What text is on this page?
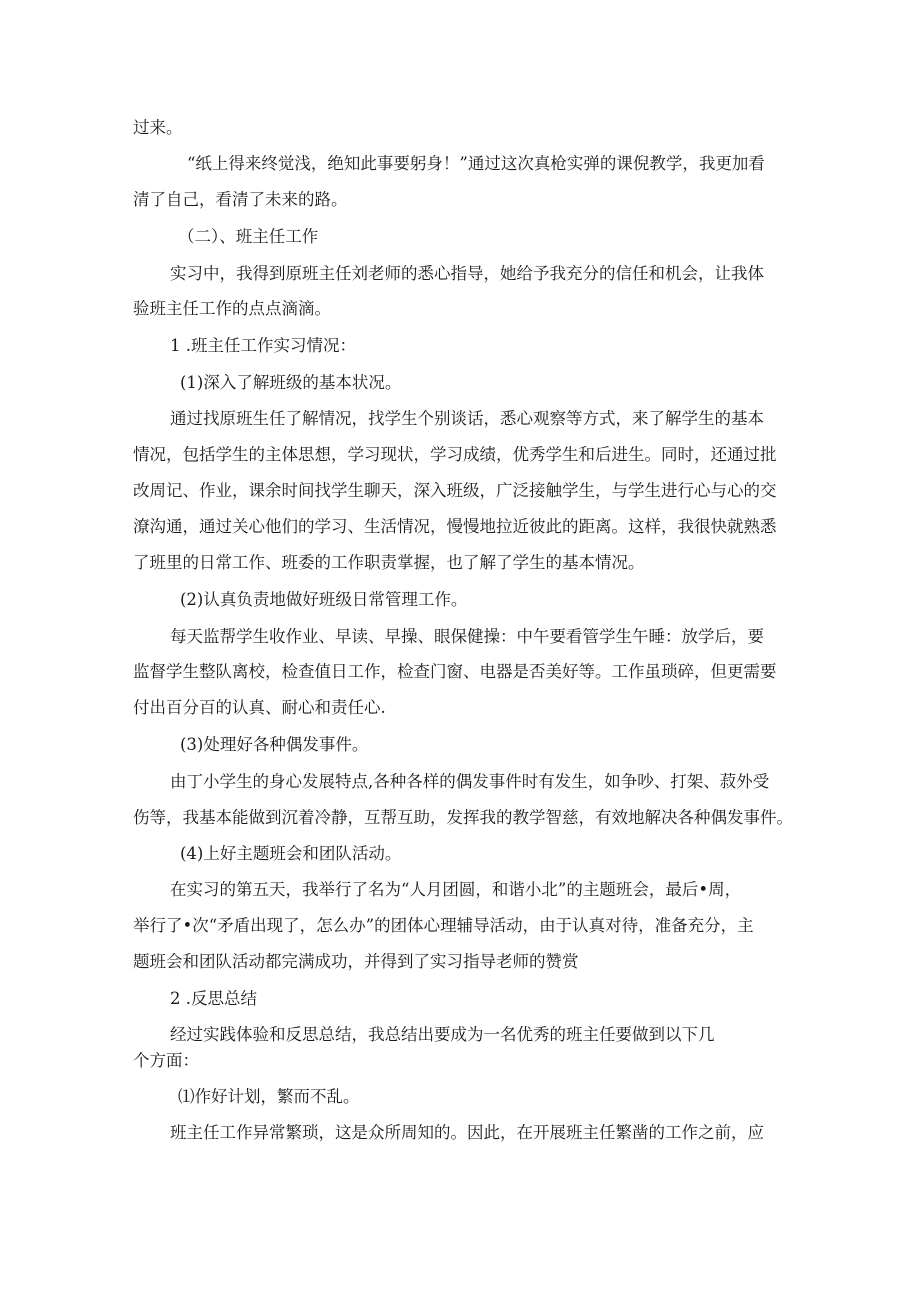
过来。

“纸上得来终觉浅，绝知此事要躬身！”通过这次真枪实弹的课倪教学，我更加看

清了自己，看清了未来的路。

（二）、班主任工作

实习中，我得到原班主任刘老师的悉心指导，她给予我充分的信任和机会，让我体

验班主任工作的点点滴滴。

1 .班主任工作实习情况：

(1)深入了解班级的基本状况。

通过找原班生任了解情况，找学生个别谈话，悉心观察等方式，来了解学生的基本

情况，包括学生的主体思想，学习现状，学习成绩，优秀学生和后进生。同时，还通过批

改周记、作业，课余时间找学生聊天，深入班级，广泛接触学生，与学生进行心与心的交

潦沟通，通过关心他们的学习、生活情况，慢慢地拉近彼此的距离。这样，我很快就熟悉

了班里的日常工作、班委的工作职责掌握，也了解了学生的基本情况。

(2)认真负责地做好班级日常管理工作。

每天监帮学生收作业、早读、早操、眼保健操：中午要看管学生午睡：放学后，要

监督学生整队离校，检查值日工作，检查门窗、电器是否美好等。工作虽琐碎，但更需要

付出百分百的认真、耐心和责任心.

(3)处理好各种偶发事件。

由丁小学生的身心发展特点,各种各样的偶发事件时有发生，如争吵、打架、菽外受

伤等，我基本能做到沉着冷静，互帮互助，发挥我的教学智慈，有效地解决各种偶发事件。

(4)上好主题班会和团队活动。

在实习的第五天，我举行了名为“人月团圆，和谐小北”的主题班会，最后•周，

举行了•次“矛盾出现了，怎么办”的团体心理辅导活动，由于认真对待，准备充分，主

题班会和团队活动都完满成功，并得到了实习指导老师的赞赏

2 .反思总结

经过实践体验和反思总结，我总结出要成为一名优秀的班主任要做到以下几

个方面：

⑴作好计划，繁而不乱。

班主任工作异常繁琐，这是众所周知的。因此，在开展班主任繁凿的工作之前，应
